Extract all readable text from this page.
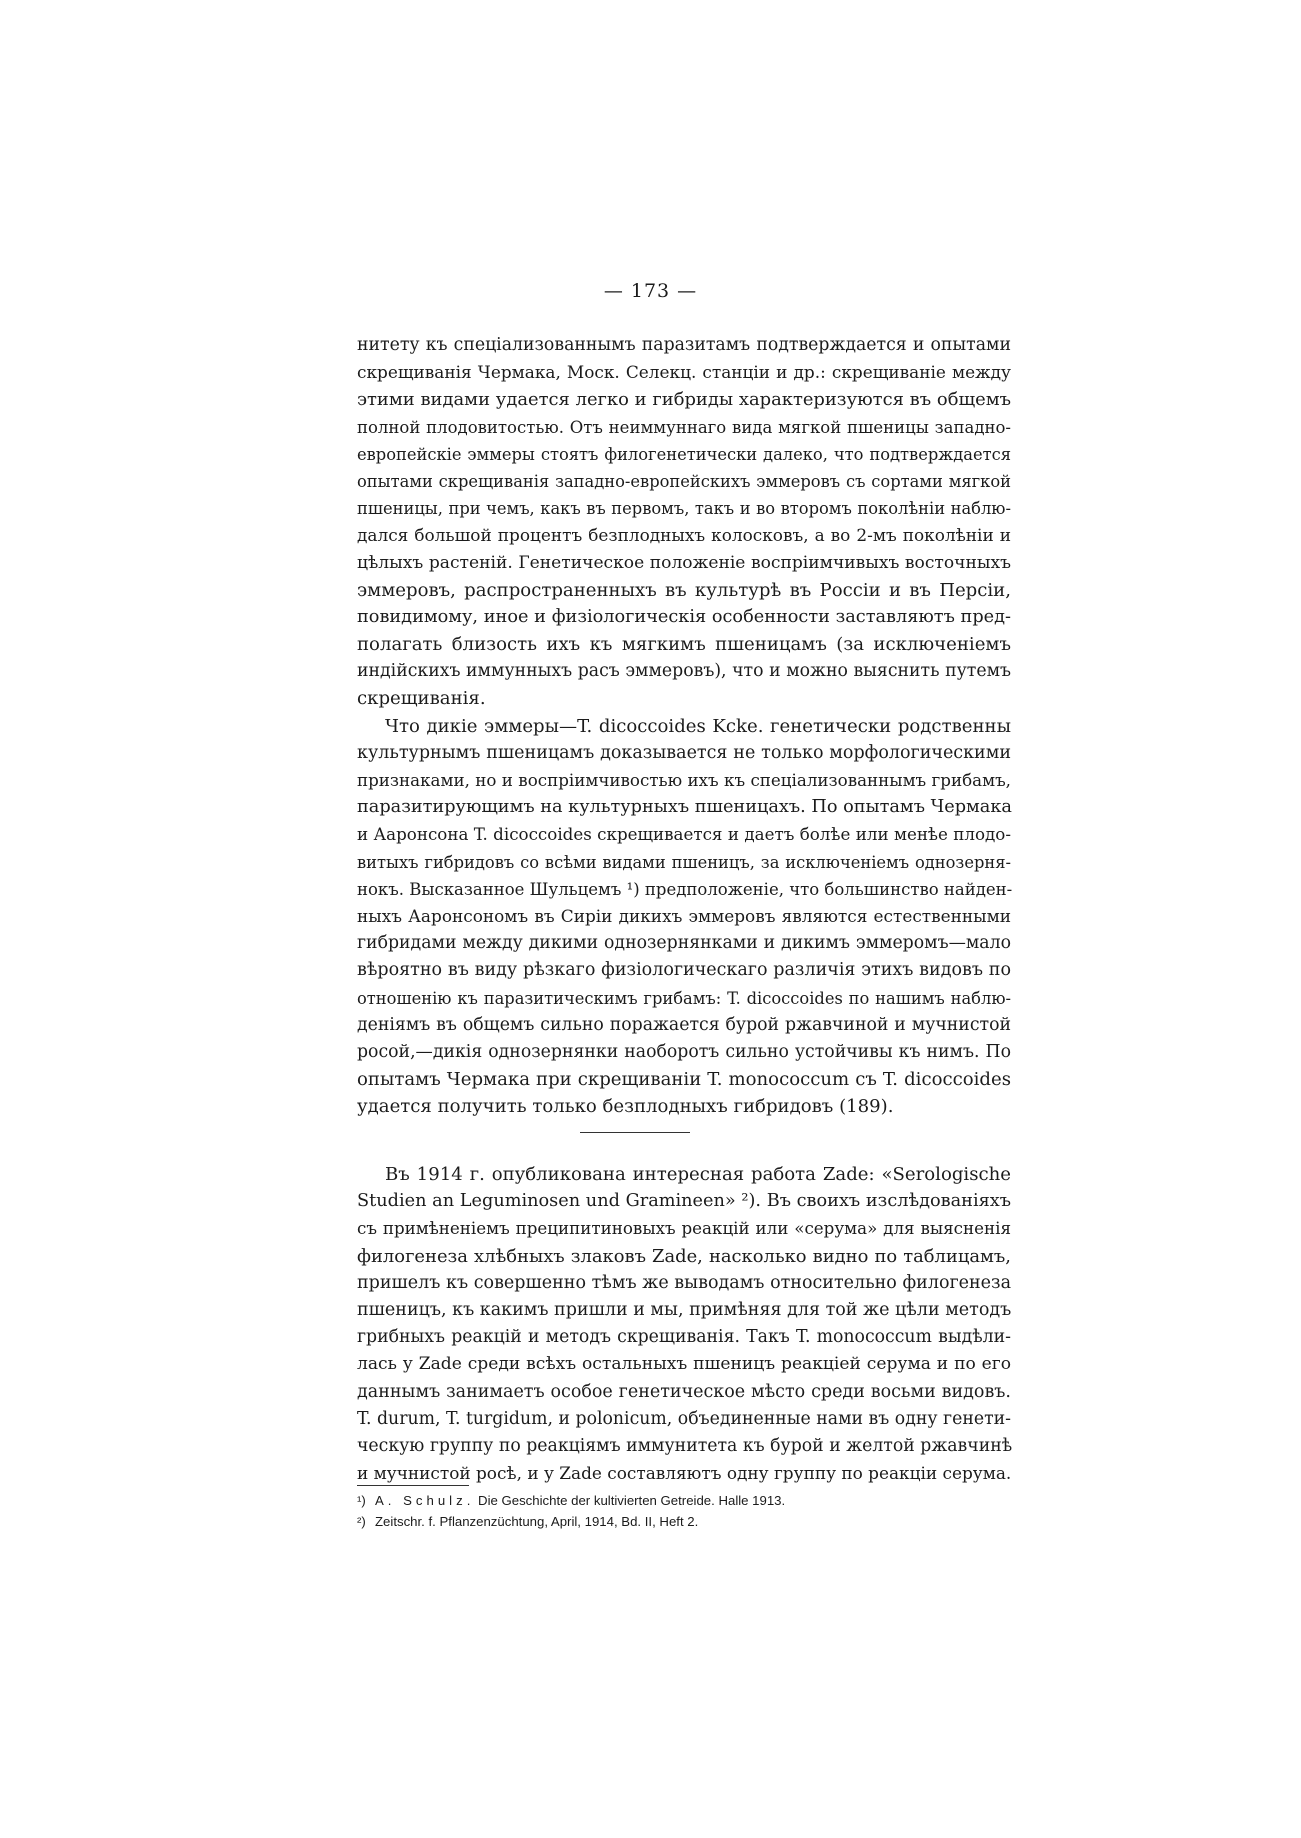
— 173 —
нитету къ спеціализованнымъ паразитамъ подтверждается и опытами
скрещиванія Чермака, Моск. Селекц. станціи и др.: скрещиваніе между
этими видами удается легко и гибриды характеризуются въ общемъ
полной плодовитостью. Отъ неиммуннаго вида мягкой пшеницы западно-
европейскіе эммеры стоятъ филогенетически далеко, что подтверждается
опытами скрещиванія западно-европейскихъ эммеровъ съ сортами мягкой
пшеницы, при чемъ, какъ въ первомъ, такъ и во второмъ поколѣніи наблю-
дался большой процентъ безплодныхъ колосковъ, а во 2-мъ поколѣніи и
цѣлыхъ растеній. Генетическое положеніе воспріимчивыхъ восточныхъ
эммеровъ, распространенныхъ въ культурѣ въ Россіи и въ Персіи,
повидимому, иное и физіологическія особенности заставляютъ пред-
полагать близость ихъ къ мягкимъ пшеницамъ (за исключеніемъ
индійскихъ иммунныхъ расъ эммеровъ), что и можно выяснить путемъ
скрещиванія.
Что дикіе эммеры—T. dicoccoides Kcke. генетически родственны
культурнымъ пшеницамъ доказывается не только морфологическими
признаками, но и воспріимчивостью ихъ къ спеціализованнымъ грибамъ,
паразитирующимъ на культурныхъ пшеницахъ. По опытамъ Чермака
и Ааронсона T. dicoccoides скрещивается и даетъ болѣе или менѣе плодо-
витыхъ гибридовъ со всѣми видами пшеницъ, за исключеніемъ однозерня-
нокъ. Высказанное Шульцемъ ¹) предположеніе, что большинство найден-
ныхъ Ааронсономъ въ Сиріи дикихъ эммеровъ являются естественными
гибридами между дикими однозернянками и дикимъ эммеромъ—мало
вѣроятно въ виду рѣзкаго физіологическаго различія этихъ видовъ по
отношенію къ паразитическимъ грибамъ: T. dicoccoides по нашимъ наблю-
деніямъ въ общемъ сильно поражается бурой ржавчиной и мучнистой
росой,—дикія однозернянки наоборотъ сильно устойчивы къ нимъ. По
опытамъ Чермака при скрещиваніи T. monococcum съ T. dicoccoides
удается получить только безплодныхъ гибридовъ (189).
Въ 1914 г. опубликована интересная работа Zade: «Serologische
Studien an Leguminosen und Gramineen» ²). Въ своихъ изслѣдованіяхъ
съ примѣненіемъ преципитиновыхъ реакцій или «серума» для выясненія
филогенеза хлѣбныхъ злаковъ Zade, насколько видно по таблицамъ,
пришелъ къ совершенно тѣмъ же выводамъ относительно филогенеза
пшеницъ, къ какимъ пришли и мы, примѣняя для той же цѣли методъ
грибныхъ реакцій и методъ скрещиванія. Такъ T. monococcum выдѣли-
лась у Zade среди всѣхъ остальныхъ пшеницъ реакціей серума и по его
даннымъ занимаетъ особое генетическое мѣсто среди восьми видовъ.
T. durum, T. turgidum, и polonicum, объединенные нами въ одну генети-
ческую группу по реакціямъ иммунитета къ бурой и желтой ржавчинѣ
и мучнистой росѣ, и у Zade составляютъ одну группу по реакціи серума.
¹) A. Schulz. Die Geschichte der kultivierten Getreide. Halle 1913.
²) Zeitschr. f. Pflanzenzüchtung, April, 1914, Bd. II, Heft 2.
